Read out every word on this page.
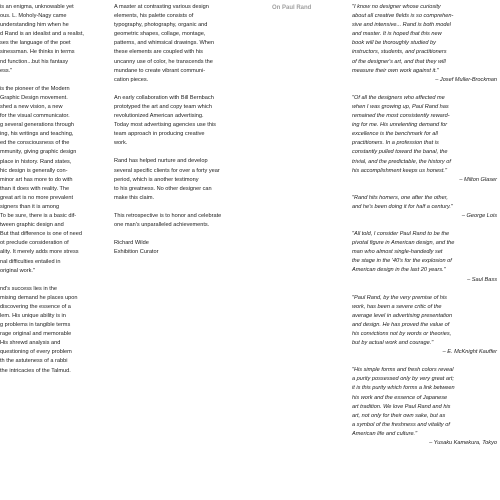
On Paul Rand

is an enigma, unknowable yet

ous. L. Moholy-Nagy came

understanding him when he

d Rand is an idealist and a realist,

ses the language of the poet

sinessman. He thinks in terms

nd function...but his fantasy

ess."

is the pioneer of the Modern

Graphic Design movement.

shed a new vision, a new

for the visual communicator.

g several generations through

ing, his writings and teaching,

ed the consciousness of the

mmunity, giving graphic design

place in history. Rand states,

hic design is generally con-

minor art has more to do with

than it does with reality. The

great art is no more prevalent

signers than it is among

To be sure, there is a basic dif-

tween graphic design and

But that difference is one of need

ot preclude consideration of

ality. It merely adds more stress

nal difficulties entailed in

original work."

nd's success lies in the

mising demand he places upon

discovering the essence of a

lem. His unique ability is in

g problems in tangible terms

rage original and memorable

His shrewd analysis and

questioning of every problem

th the astuteness of a rabbi

the intricacies of the Talmud.

A master at contrasting various design

elements, his palette consists of

typography, photography, organic and

geometric shapes, collage, montage,

patterns, and whimsical drawings. When

these elements are coupled with his

uncanny use of color, he transcends the

mundane to create vibrant communi-

cation pieces.

An early collaboration with Bill Bernbach

prototyped the art and copy team which

revolutionized American advertising.

Today most advertising agencies use this

team approach in producing creative

work.

Rand has helped nurture and develop

several specific clients for over a forty year

period, which is another testimony

to his greatness. No other designer can

make this claim.

This retrospective is to honor and celebrate

one man's unparalleled achievements.

Richard Wilde

Exhibition Curator

"I know no designer whose curiosity

about all creative fields is so comprehen-

sive and intensive... Rand is both model

and master. It is hoped that this new

book will be thoroughly studied by

instructors, students, and practitioners

of the designer's art, and that they will

measure their own work against it."

– Josef Muller-Brockman

"Of all the designers who affected me

when I was growing up, Paul Rand has

remained the most consistently reward-

ing for me. His unrelenting demand for

excellence is the benchmark for all

practitioners. In a profession that is

constantly pulled toward the banal, the

trivial, and the predictable, the history of

his accomplishment keeps us honest."

– Milton Glaser

"Rand hits homers, one after the other,

and he's been doing it for half a century."

– George Lois

"All told, I consider Paul Rand to be the

pivotal figure in American design, and the

man who almost single-handedly set

the stage in the '40's for the explosion of

American design in the last 20 years."

– Saul Bass

"Paul Rand, by the very premise of his

work, has been a severe critic of the

average level in advertising presentation

and design. He has proved the value of

his convictions not by words or theories,

but by actual work and courage."

– E. McKnight Kauffer

"His simple forms and fresh colors reveal

a purity possessed only by very great art;

it is this purity which forms a link between

his work and the essence of Japanese

art tradition. We love Paul Rand and his

art, not only for their own sake, but as

a symbol of the freshness and vitality of

American life and culture."

– Yusaku Kamekura, Tokyo
